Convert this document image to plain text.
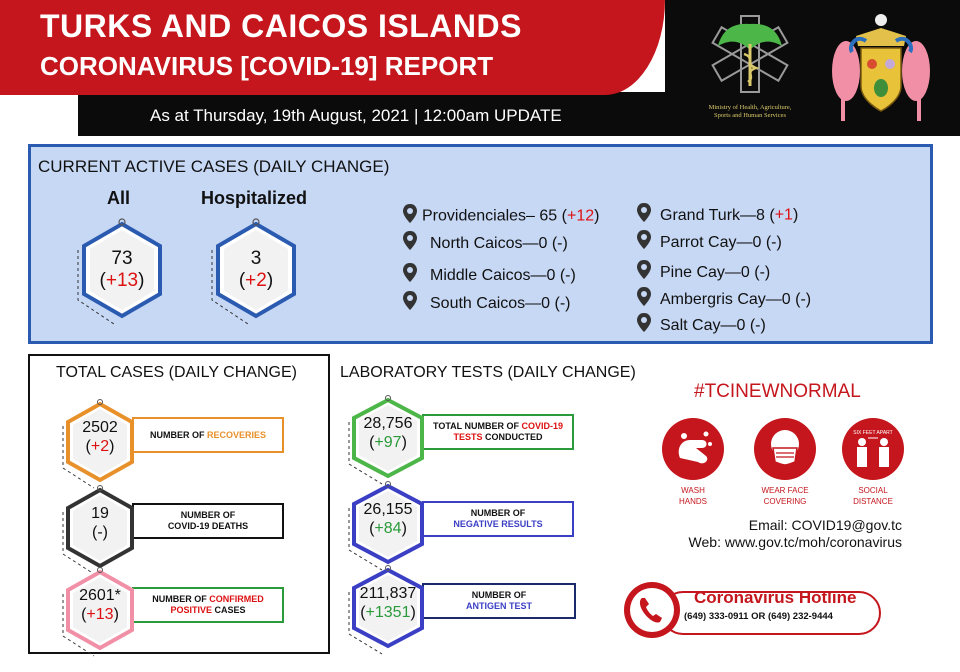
TURKS AND CAICOS ISLANDS
CORONAVIRUS [COVID-19] REPORT
As at Thursday, 19th August, 2021 | 12:00am UPDATE	Ministry of Health, Agriculture,
Sports and Human Services
CURRENT ACTIVE CASES (DAILY CHANGE)
All	Hospitalized
73
(+13)
3
(+2)
Providenciales– 65 (+12)
North Caicos—0 (-)
Middle Caicos—0 (-)
South Caicos—0 (-)
Grand Turk—8 (+1)
Parrot Cay—0 (-)
Pine Cay—0 (-)
Ambergris Cay—0 (-)
Salt Cay—0 (-)
TOTAL CASES (DAILY CHANGE)
NUMBER OF RECOVERIES
2502
(+2)
NUMBER OF
COVID-19 DEATHS
19
(-)
NUMBER OF CONFIRMED
POSITIVE CASES
2601*
(+13)
LABORATORY TESTS (DAILY CHANGE)
TOTAL NUMBER OF COVID-19
TESTS CONDUCTED
28,756
(+97)
NUMBER OF
NEGATIVE RESULTS
26,155
(+84)
NUMBER OF
ANTIGEN TEST
211,837
(+1351)
#TCINEWNORMAL
WASH
HANDS
WEAR FACE
COVERING
SIX FEET APART
SOCIAL
DISTANCE
Email: COVID19@gov.tc
Web: www.gov.tc/moh/coronavirus
Coronavirus Hotline
(649) 333-0911 OR (649) 232-9444
